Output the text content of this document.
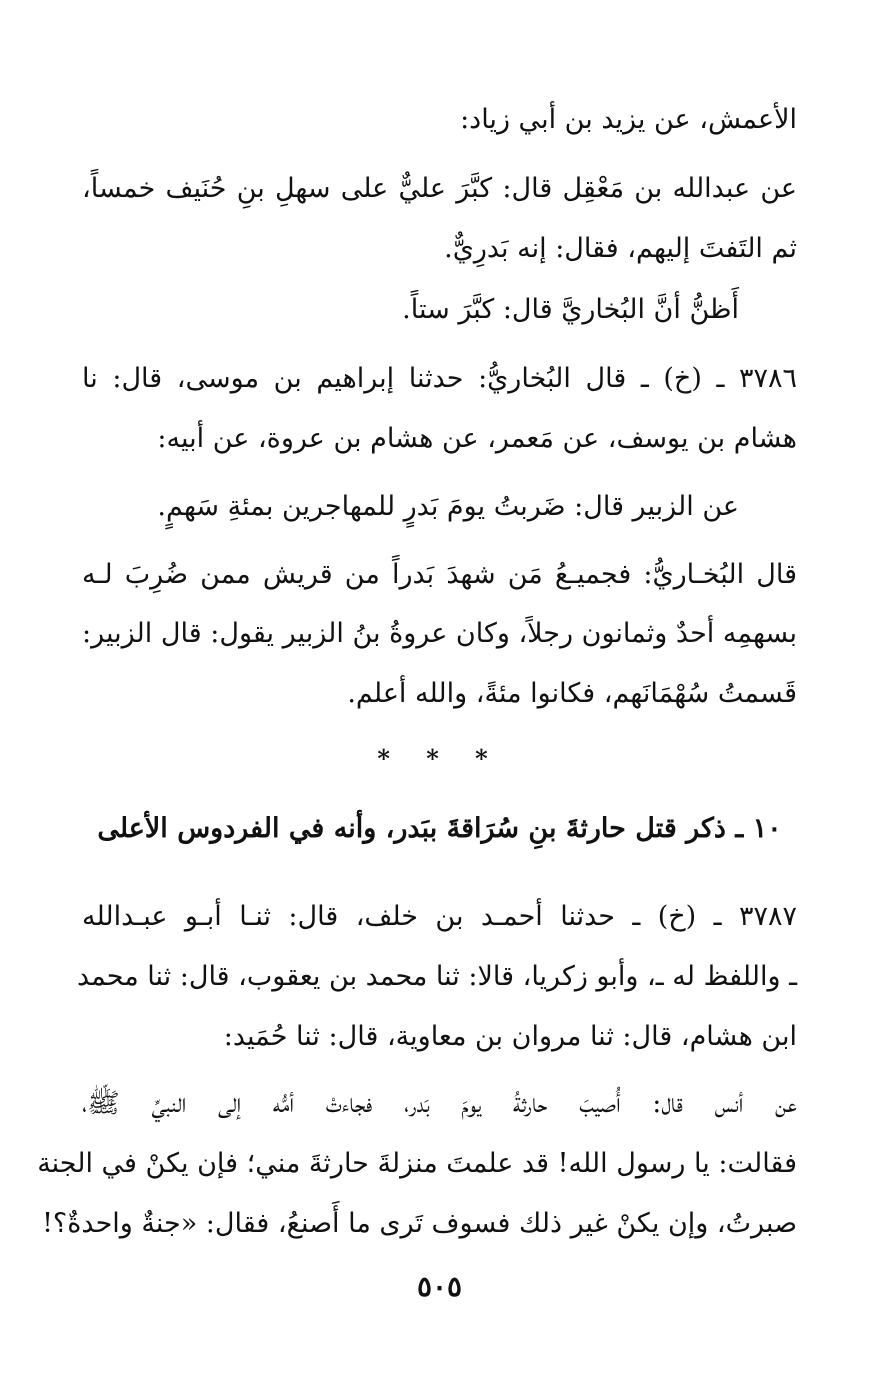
الأعمش، عن يزيد بن أبي زياد:
عن عبدالله بن مَعْقِل قال: كبَّرَ عليٌّ على سهلِ بنِ حُنَيف خمساً،
ثم التَفتَ إليهم، فقال: إنه بَدرِيٌّ.
أَظنُّ أنَّ البُخاريَّ قال: كبَّرَ ستاً.
٣٧٨٦ ـ (خ) ـ قال البُخاريُّ: حدثنا إبراهيم بن موسى، قال: نا
هشام بن يوسف، عن مَعمر، عن هشام بن عروة، عن أبيه:
عن الزبير قال: ضَربتُ يومَ بَدرٍ للمهاجرين بمئةِ سَهمٍ.
قال البُخـاريُّ: فجميـعُ مَن شهدَ بَدراً من قريش ممن ضُرِبَ لـه
بسهمِه أحدٌ وثمانون رجلاً، وكان عروةُ بنُ الزبير يقول: قال الزبير:
قَسمتُ سُهْمَانَهم، فكانوا مئةً، والله أعلم.
* * *
١٠ ـ ذكر قتل حارثةَ بنِ سُرَاقةَ ببَدر، وأنه في الفردوس الأعلى
٣٧٨٧ ـ (خ) ـ حدثنا أحمـد بن خلف، قال: ثنـا أبـو عبـدالله
ـ واللفظ له ـ، وأبو زكريا، قالا: ثنا محمد بن يعقوب، قال: ثنا محمد
ابن هشام، قال: ثنا مروان بن معاوية، قال: ثنا حُمَيد:
عن أنس قال: أُصيبَ حارثةُ يومَ بَدر، فجاءتْ أمُّه إلى النبيِّ ﷺ،
فقالت: يا رسول الله! قد علمتَ منزلةَ حارثةَ مني؛ فإن يكنْ في الجنة
صبرتُ، وإن يكنْ غير ذلك فسوف تَرى ما أَصنعُ، فقال: «جنةٌ واحدةٌ؟!
٥٠٥
